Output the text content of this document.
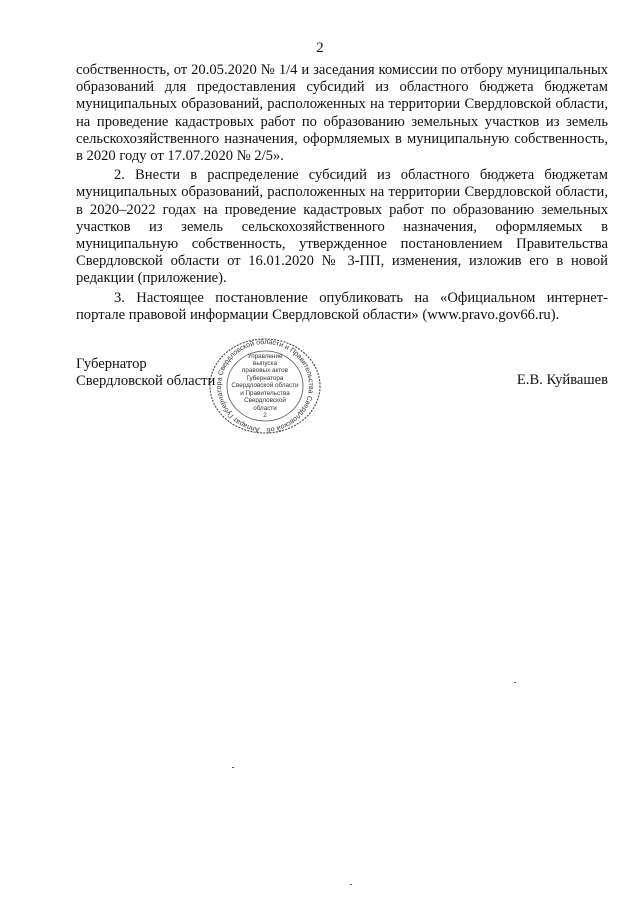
2

собственность, от 20.05.2020 № 1/4 и заседания комиссии по отбору муниципальных образований для предоставления субсидий из областного бюджета бюджетам муниципальных образований, расположенных на территории Свердловской области, на проведение кадастровых работ по образованию земельных участков из земель сельскохозяйственного назначения, оформляемых в муниципальную собственность, в 2020 году от 17.07.2020 № 2/5».

2. Внести в распределение субсидий из областного бюджета бюджетам муниципальных образований, расположенных на территории Свердловской области, в 2020–2022 годах на проведение кадастровых работ по образованию земельных участков из земель сельскохозяйственного назначения, оформляемых в муниципальную собственность, утвержденное постановлением Правительства Свердловской области от 16.01.2020 № 3-ПП, изменения, изложив его в новой редакции (приложение).

3. Настоящее постановление опубликовать на «Официальном интернет-портале правовой информации Свердловской области» (www.pravo.gov66.ru).

Губернатор
Свердловской области	Е.В. Куйвашев
Аппарат Губернатора Свердловской области и Правительства Свердловской об
Управление
выпуска
правовых актов
Губернатора
Свердловской области
и Правительства
Свердловской
области
2
